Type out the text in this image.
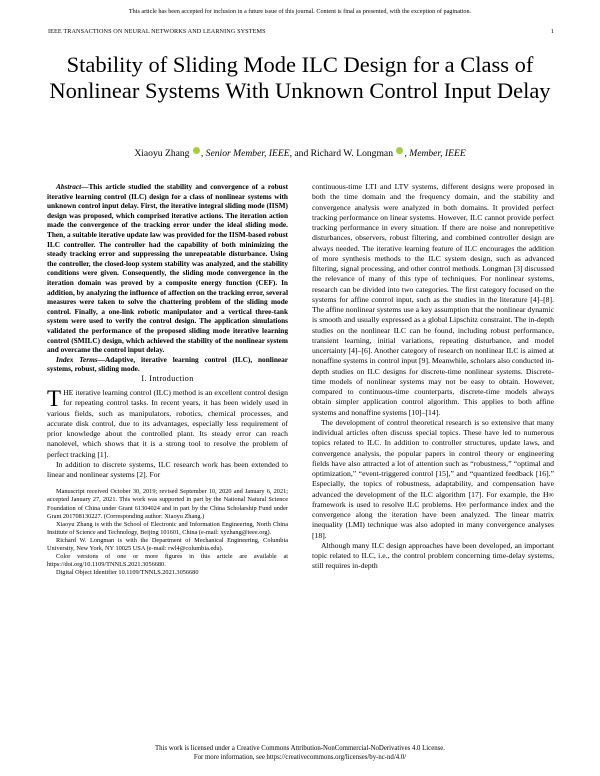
This article has been accepted for inclusion in a future issue of this journal. Content is final as presented, with the exception of pagination.
IEEE TRANSACTIONS ON NEURAL NETWORKS AND LEARNING SYSTEMS	1
Stability of Sliding Mode ILC Design for a Class of Nonlinear Systems With Unknown Control Input Delay
Xiaoyu Zhang , Senior Member, IEEE, and Richard W. Longman , Member, IEEE

Abstract—This article studied the stability and convergence of a robust iterative learning control (ILC) design for a class of nonlinear systems with unknown control input delay. First, the iterative integral sliding mode (IISM) design was proposed, which comprised iterative actions. The iteration action made the convergence of the tracking error under the ideal sliding mode. Then, a suitable iterative update law was provided for the IISM-based robust ILC controller. The controller had the capability of both minimizing the steady tracking error and suppressing the unrepeatable disturbance. Using the controller, the closed-loop system stability was analyzed, and the stability conditions were given. Consequently, the sliding mode convergence in the iteration domain was proved by a composite energy function (CEF). In addition, by analyzing the influence of affection on the tracking error, several measures were taken to solve the chattering problem of the sliding mode control. Finally, a one-link robotic manipulator and a vertical three-tank system were used to verify the control design. The application simulations validated the performance of the proposed sliding mode iterative learning control (SMILC) design, which achieved the stability of the nonlinear system and overcame the control input delay.

Index Terms—Adaptive, iterative learning control (ILC), nonlinear systems, robust, sliding mode.

I. Introduction

THE iterative learning control (ILC) method is an excellent control design for repeating control tasks. In recent years, it has been widely used in various fields, such as manipulators, robotics, chemical processes, and accurate disk control, due to its advantages, especially less requirement of prior knowledge about the controlled plant. Its steady error can reach nanolevel, which shows that it is a strong tool to resolve the problem of perfect tracking [1].

In addition to discrete systems, ILC research work has been extended to linear and nonlinear systems [2]. For

Manuscript received October 30, 2019; revised September 10, 2020 and January 6, 2021; accepted January 27, 2021. This work was supported in part by the National Natural Science Foundation of China under Grant 61304024 and in part by the China Scholarship Fund under Grant 201708130227. (Corresponding author: Xiaoyu Zhang.)

Xiaoyu Zhang is with the School of Electronic and Information Engineering, North China Institute of Science and Technology, Beijing 101601, China (e-mail: xyzhang@ieee.org).

Richard W. Longman is with the Department of Mechanical Engineering, Columbia University, New York, NY 10025 USA (e-mail: rwl4@columbia.edu).

Color versions of one or more figures in this article are available at https://doi.org/10.1109/TNNLS.2021.3056680.

Digital Object Identifier 10.1109/TNNLS.2021.3056680

continuous-time LTI and LTV systems, different designs were proposed in both the time domain and the frequency domain, and the stability and convergence analysis were analyzed in both domains. It provided perfect tracking performance on linear systems. However, ILC cannot provide perfect tracking performance in every situation. If there are noise and nonrepetitive disturbances, observers, robust filtering, and combined controller design are always needed. The iterative learning feature of ILC encourages the addition of more synthesis methods to the ILC system design, such as advanced filtering, signal processing, and other control methods. Longman [3] discussed the relevance of many of this type of techniques. For nonlinear systems, research can be divided into two categories. The first category focused on the systems for affine control input, such as the studies in the literature [4]–[8]. The affine nonlinear systems use a key assumption that the nonlinear dynamic is smooth and usually expressed as a global Lipschitz constraint. The in-depth studies on the nonlinear ILC can be found, including robust performance, transient learning, initial variations, repeating disturbance, and model uncertainty [4]–[6]. Another category of research on nonlinear ILC is aimed at nonaffine systems in control input [9]. Meanwhile, scholars also conducted in-depth studies on ILC designs for discrete-time nonlinear systems. Discrete-time models of nonlinear systems may not be easy to obtain. However, compared to continuous-time counterparts, discrete-time models always obtain simpler application control algorithm. This applies to both affine systems and nonaffine systems [10]–[14].

The development of control theoretical research is so extensive that many individual articles often discuss special topics. These have led to numerous topics related to ILC. In addition to controller structures, update laws, and convergence analysis, the popular papers in control theory or engineering fields have also attracted a lot of attention such as “robustness,” “optimal and optimization,” “event-triggered control [15],” and “quantized feedback [16].” Especially, the topics of robustness, adaptability, and compensation have advanced the development of the ILC algorithm [17]. For example, the H∞ framework is used to resolve ILC problems. H∞ performance index and the convergence along the iteration have been analyzed. The linear matrix inequality (LMI) technique was also adopted in many convergence analyses [18].

Although many ILC design approaches have been developed, an important topic related to ILC, i.e., the control problem concerning time-delay systems, still requires in-depth

This work is licensed under a Creative Commons Attribution-NonCommercial-NoDerivatives 4.0 License.
For more information, see https://creativecommons.org/licenses/by-nc-nd/4.0/
